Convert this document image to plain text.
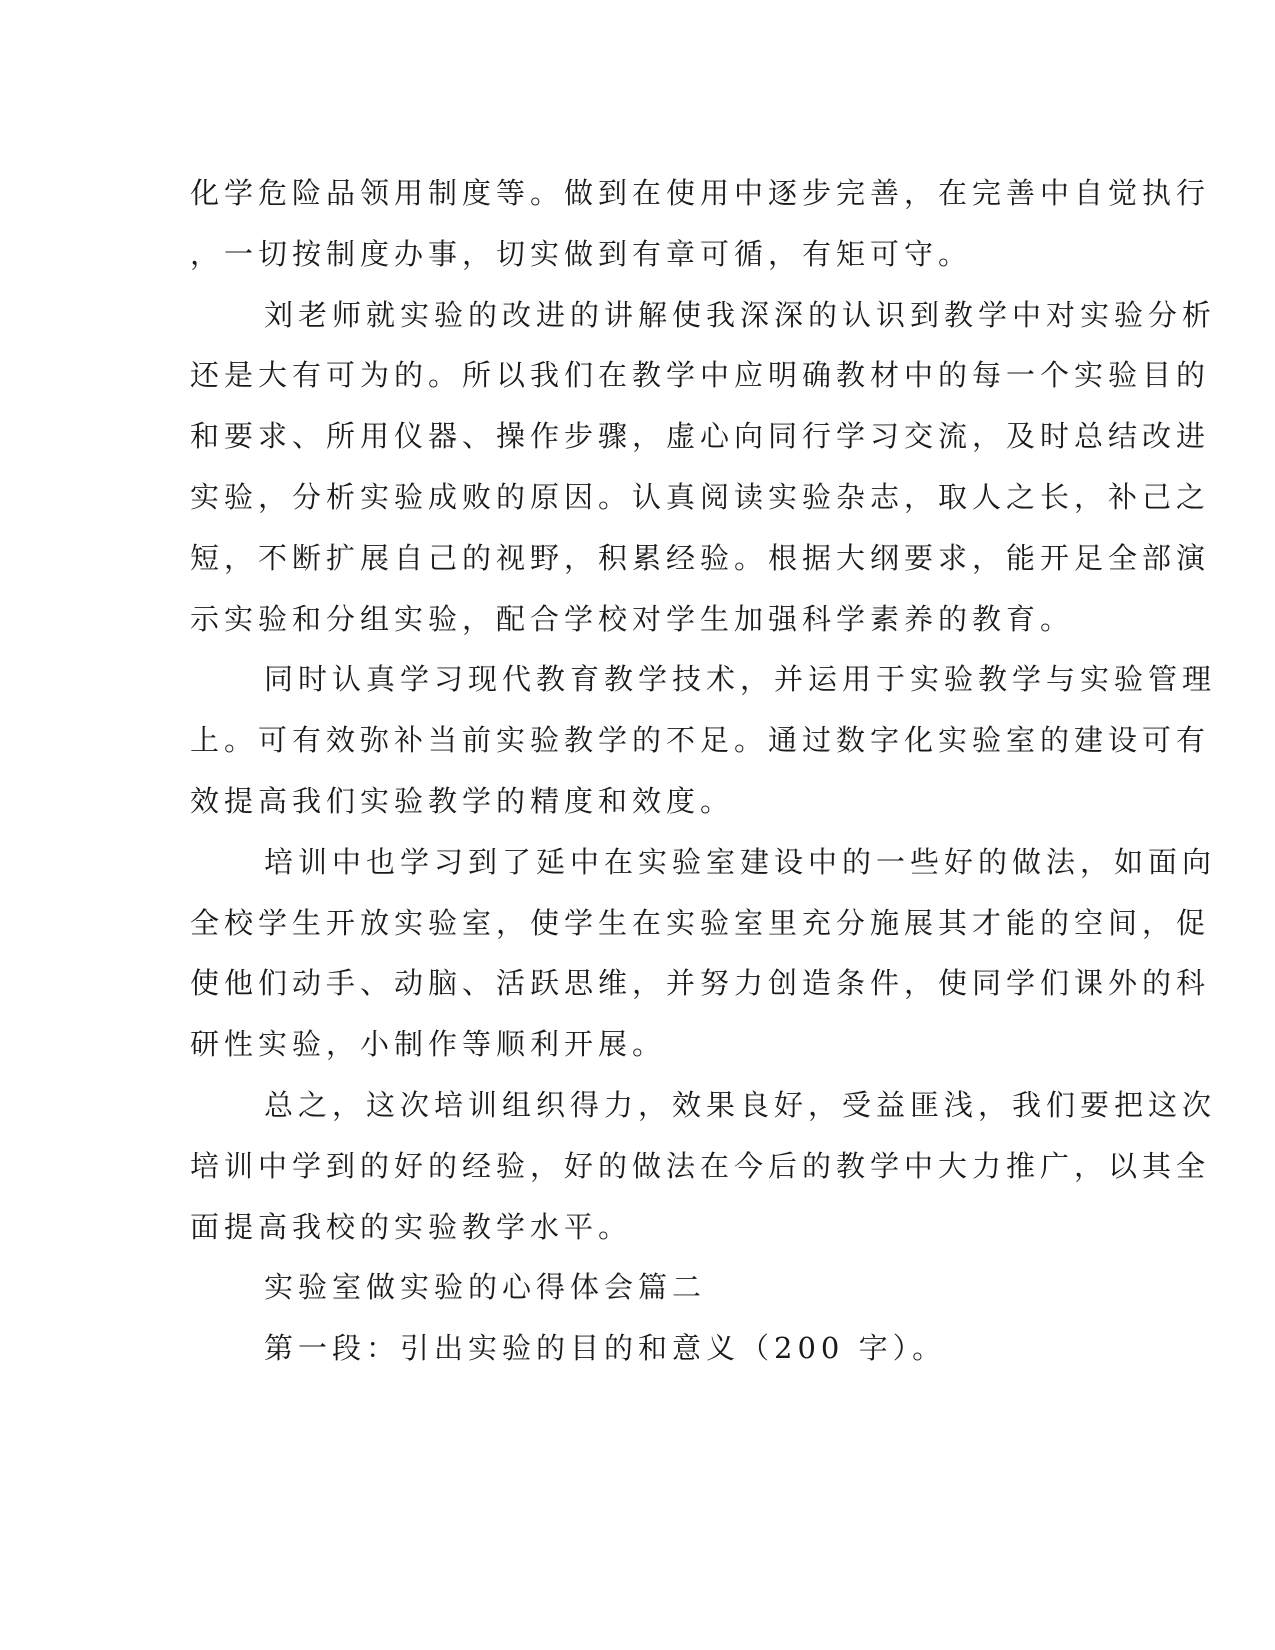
化学危险品领用制度等。做到在使用中逐步完善，在完善中自觉执行
，一切按制度办事，切实做到有章可循，有矩可守。
刘老师就实验的改进的讲解使我深深的认识到教学中对实验分析
还是大有可为的。所以我们在教学中应明确教材中的每一个实验目的
和要求、所用仪器、操作步骤，虚心向同行学习交流，及时总结改进
实验，分析实验成败的原因。认真阅读实验杂志，取人之长，补己之
短，不断扩展自己的视野，积累经验。根据大纲要求，能开足全部演
示实验和分组实验，配合学校对学生加强科学素养的教育。
同时认真学习现代教育教学技术，并运用于实验教学与实验管理
上。可有效弥补当前实验教学的不足。通过数字化实验室的建设可有
效提高我们实验教学的精度和效度。
培训中也学习到了延中在实验室建设中的一些好的做法，如面向
全校学生开放实验室，使学生在实验室里充分施展其才能的空间，促
使他们动手、动脑、活跃思维，并努力创造条件，使同学们课外的科
研性实验，小制作等顺利开展。
总之，这次培训组织得力，效果良好，受益匪浅，我们要把这次
培训中学到的好的经验，好的做法在今后的教学中大力推广，以其全
面提高我校的实验教学水平。
实验室做实验的心得体会篇二
第一段：引出实验的目的和意义（200 字）。
